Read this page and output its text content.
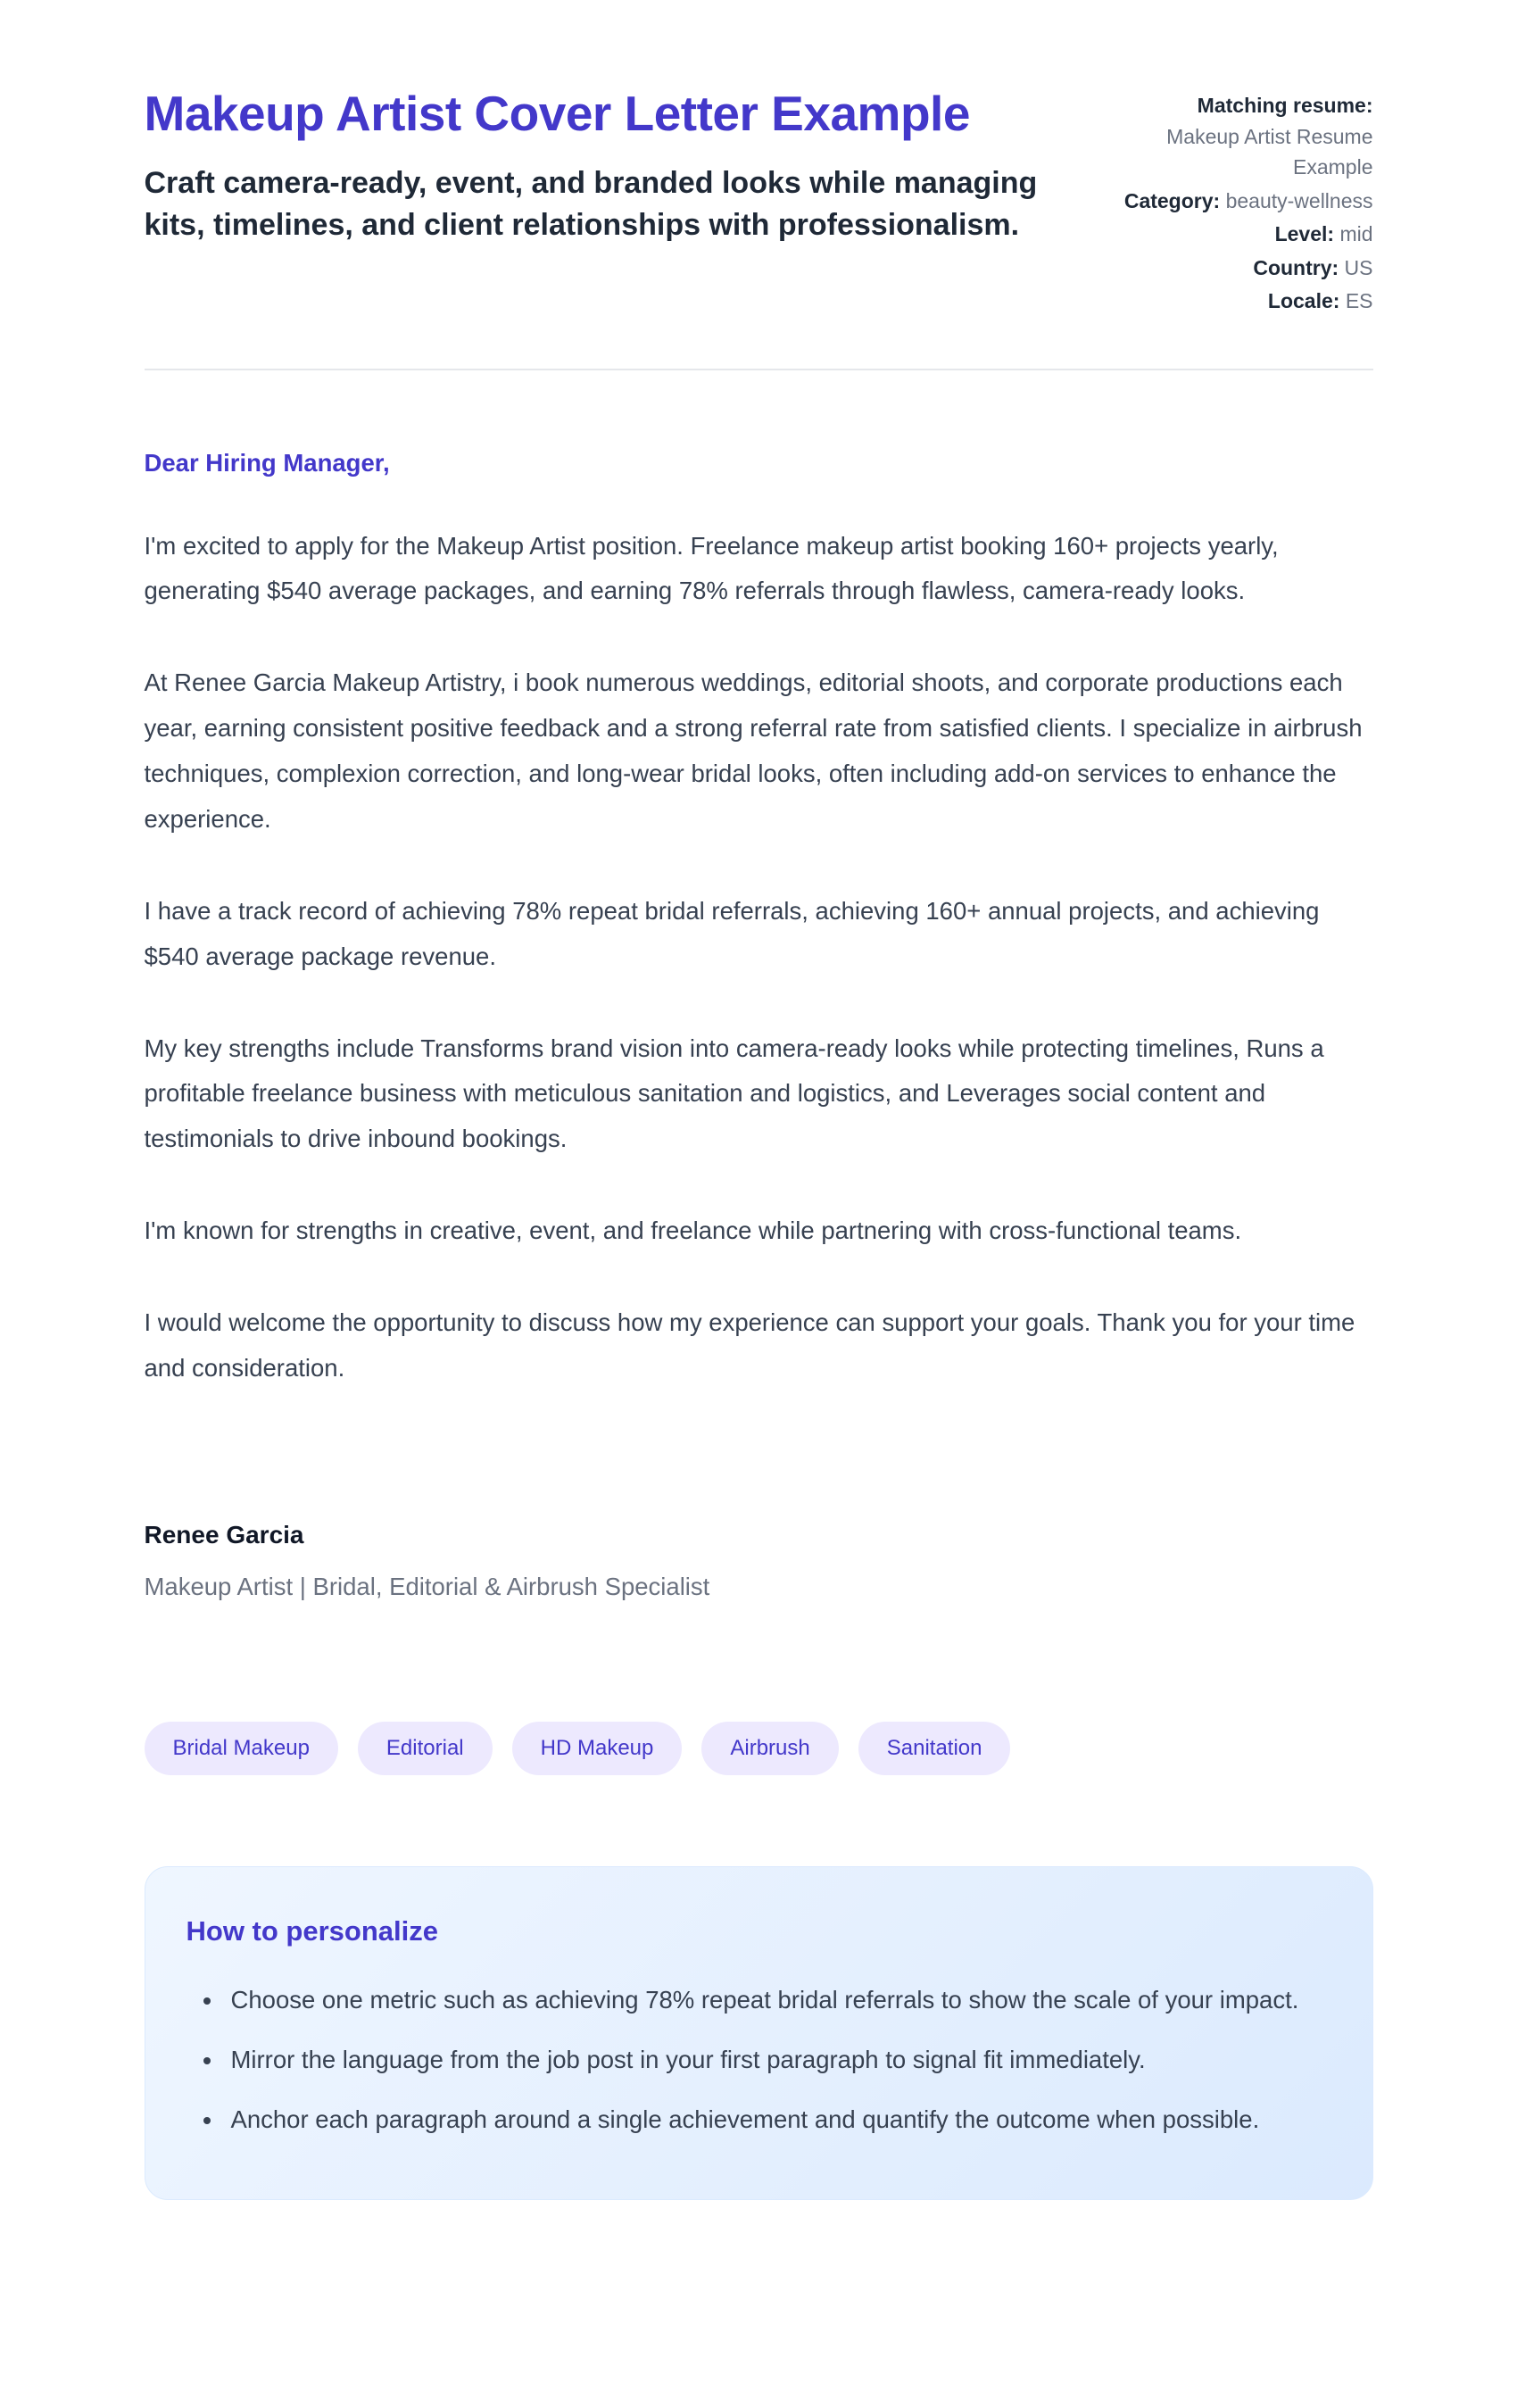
Makeup Artist Cover Letter Example

Craft camera-ready, event, and branded looks while managing kits, timelines, and client relationships with professionalism.

Matching resume:
Makeup Artist Resume Example
Category: beauty-wellness
Level: mid
Country: US
Locale: ES

Dear Hiring Manager,

I'm excited to apply for the Makeup Artist position. Freelance makeup artist booking 160+ projects yearly, generating $540 average packages, and earning 78% referrals through flawless, camera-ready looks.

At Renee Garcia Makeup Artistry, i book numerous weddings, editorial shoots, and corporate productions each year, earning consistent positive feedback and a strong referral rate from satisfied clients. I specialize in airbrush techniques, complexion correction, and long-wear bridal looks, often including add-on services to enhance the experience.

I have a track record of achieving 78% repeat bridal referrals, achieving 160+ annual projects, and achieving $540 average package revenue.

My key strengths include Transforms brand vision into camera-ready looks while protecting timelines, Runs a profitable freelance business with meticulous sanitation and logistics, and Leverages social content and testimonials to drive inbound bookings.

I'm known for strengths in creative, event, and freelance while partnering with cross-functional teams.

I would welcome the opportunity to discuss how my experience can support your goals. Thank you for your time and consideration.

Renee Garcia

Makeup Artist | Bridal, Editorial & Airbrush Specialist

Bridal Makeup	Editorial	HD Makeup	Airbrush	Sanitation
How to personalize
• Choose one metric such as achieving 78% repeat bridal referrals to show the scale of your impact.
• Mirror the language from the job post in your first paragraph to signal fit immediately.
• Anchor each paragraph around a single achievement and quantify the outcome when possible.
